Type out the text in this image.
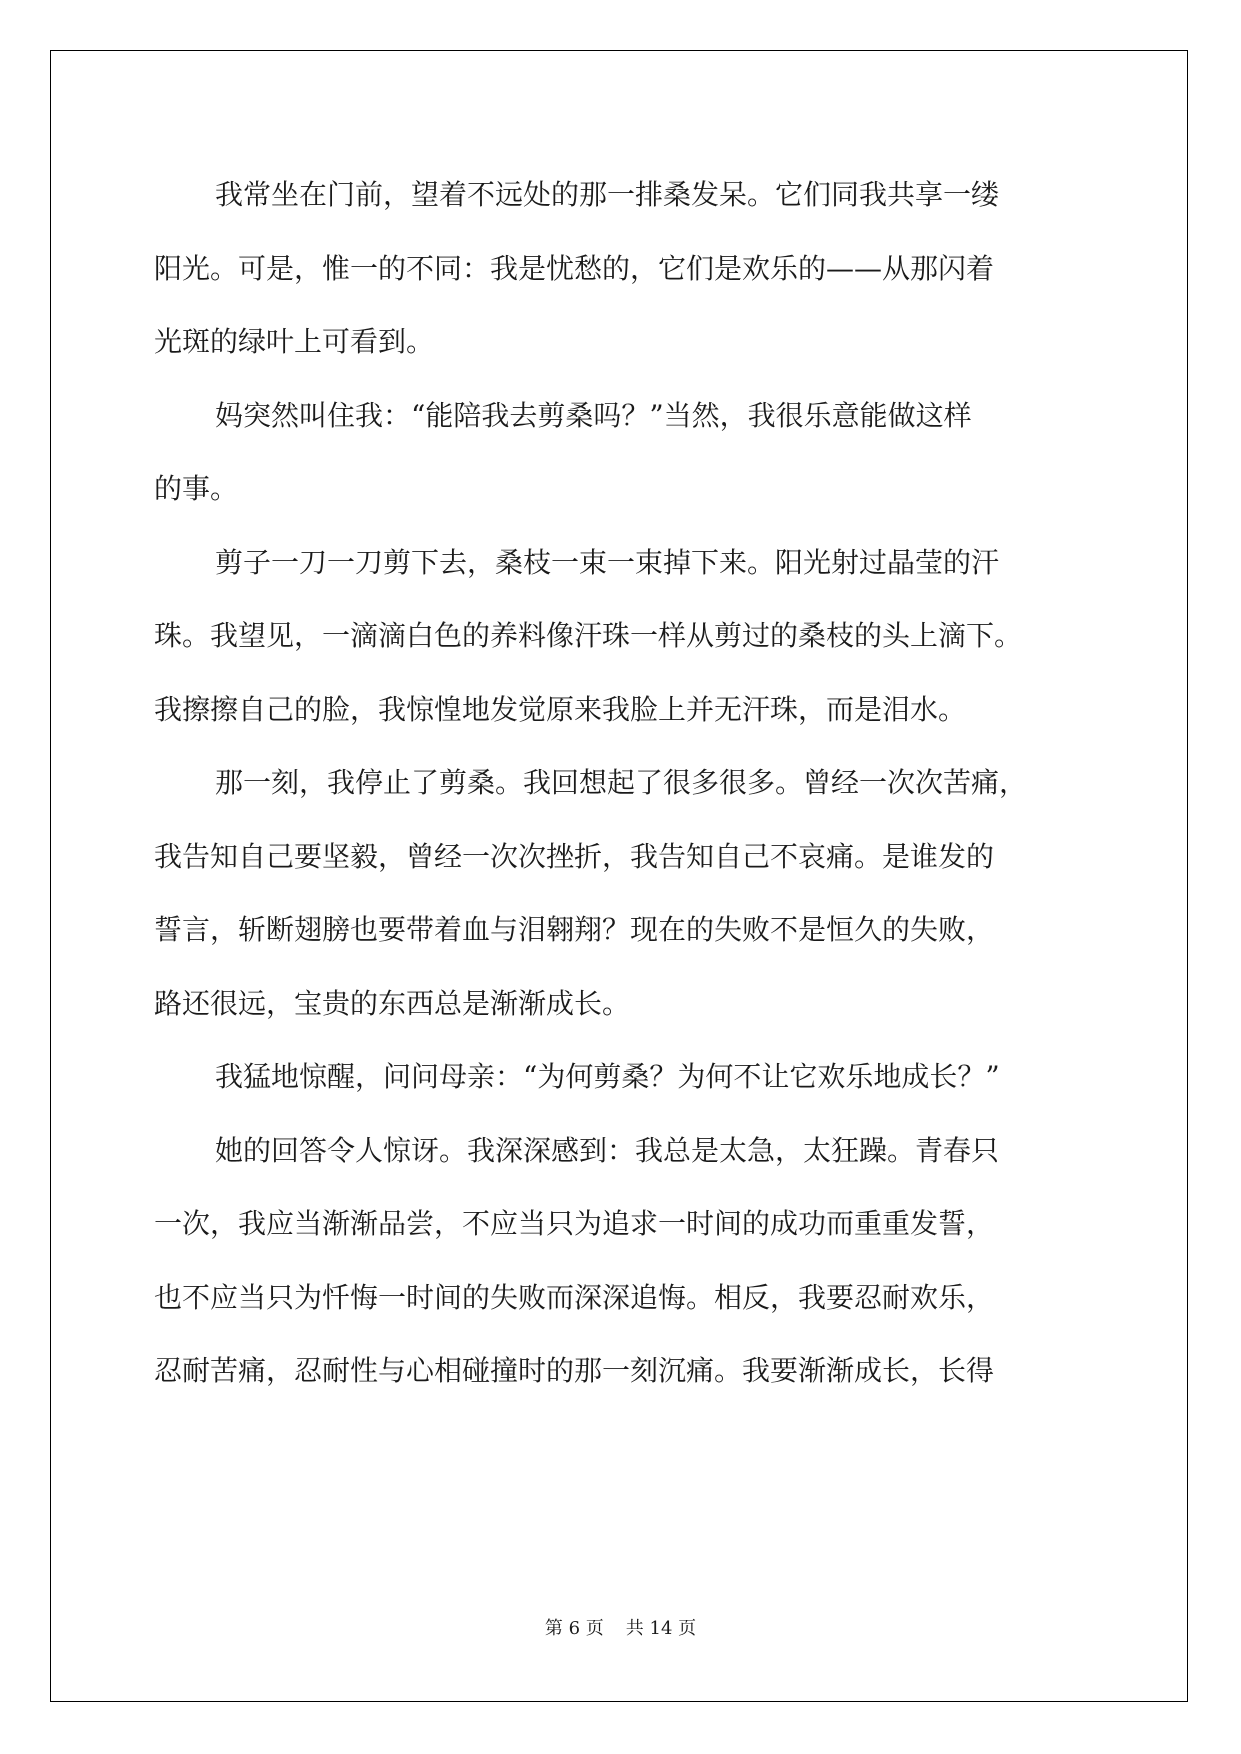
我常坐在门前，望着不远处的那一排桑发呆。它们同我共享一缕
阳光。可是，惟一的不同：我是忧愁的，它们是欢乐的——从那闪着
光斑的绿叶上可看到。
妈突然叫住我：“能陪我去剪桑吗？”当然，我很乐意能做这样
的事。
剪子一刀一刀剪下去，桑枝一束一束掉下来。阳光射过晶莹的汗
珠。我望见，一滴滴白色的养料像汗珠一样从剪过的桑枝的头上滴下。
我擦擦自己的脸，我惊惶地发觉原来我脸上并无汗珠，而是泪水。
那一刻，我停止了剪桑。我回想起了很多很多。曾经一次次苦痛，
我告知自己要坚毅，曾经一次次挫折，我告知自己不哀痛。是谁发的
誓言，斩断翅膀也要带着血与泪翱翔？现在的失败不是恒久的失败，
路还很远，宝贵的东西总是渐渐成长。
我猛地惊醒，问问母亲：“为何剪桑？为何不让它欢乐地成长？”
她的回答令人惊讶。我深深感到：我总是太急，太狂躁。青春只
一次，我应当渐渐品尝，不应当只为追求一时间的成功而重重发誓，
也不应当只为忏悔一时间的失败而深深追悔。相反，我要忍耐欢乐，
忍耐苦痛，忍耐性与心相碰撞时的那一刻沉痛。我要渐渐成长，长得
第 6 页 共 14 页
